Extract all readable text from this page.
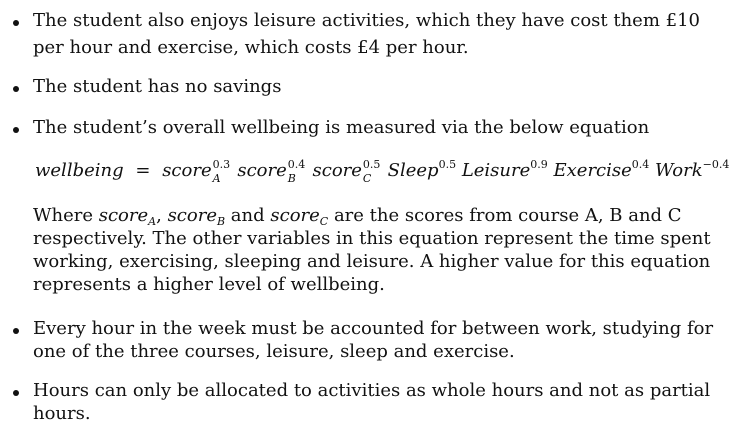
The student also enjoys leisure activities, which they have cost them £10
per hour and exercise, which costs £4 per hour.
The student has no savings
The student’s overall wellbeing is measured via the below equation
wellbeing = score 0.3
A score 0.4
B score 0.5
C Sleep$^{0.5}$ Leisure$^{0.9}$ Exercise$^{0.4}$ Work$^{-0.4}$
Where score$_A$, score$_B$ and score$_C$ are the scores from course A, B and C
respectively. The other variables in this equation represent the time spent
working, exercising, sleeping and leisure. A higher value for this equation
represents a higher level of wellbeing.
Every hour in the week must be accounted for between work, studying for
one of the three courses, leisure, sleep and exercise.
Hours can only be allocated to activities as whole hours and not as partial
hours.
